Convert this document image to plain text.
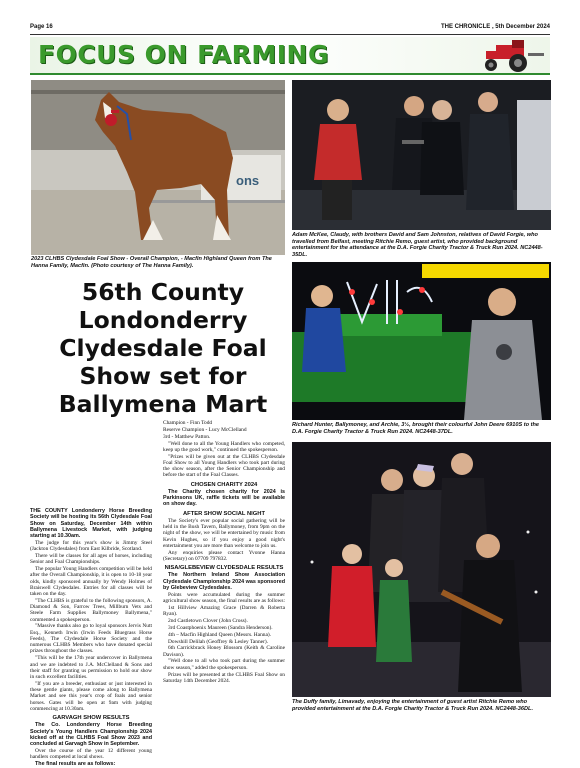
Page 16	THE CHRONICLE , 5th December 2024
FOCUS ON FARMING
ons
2023 CLHBS Clydesdale Foal Show - Overall Champion, - Macfin Highland Queen from The Hanna Family, Macfin. (Photo courtesy of The Hanna Family).
Adam McKee, Claudy, with brothers David and Sam Johnston, relatives of David Forgie, who travelled from Belfast, meeting Ritchie Remo, guest artist, who provided background entertainment for the attendance at the D.A. Forgie Charity Tractor & Truck Run 2024. NC2448-35DL.
56th County Londonderry Clydesdale Foal Show set for Ballymena Mart
Richard Hunter, Ballymoney, and Archie, 3½, brought their colourful John Deere 6910S to the D.A. Forgie Charity Tractor & Truck Run 2024. NC2448-37DL.
The Duffy family, Limavady, enjoying the entertainment of guest artist Ritchie Remo who provided entertainment at the D.A. Forgie Charity Tractor & Truck Run 2024. NC2448-36DL.

THE COUNTY Londonderry Horse Breeding Society will be hosting its 56th Clydesdale Foal Show on Saturday, December 14th within Ballymena Livestock Market, with judging starting at 10.30am.

The judge for this year's show is Jimmy Steel (Jackton Clydesdales) from East Kilbride, Scotland.

There will be classes for all ages of horses, including Senior and Foal Championships.

The popular Young Handlers competition will be held after the Overall Championship, it is open to 10-18 year olds, kindly sponsored annually by Wendy Holmes of Braiswell Clydesdales. Entries for all classes will be taken on the day.

"The CLHBS is grateful to the following sponsors, A. Diamond & Son, Farrow Trees, Millburn Vets and Steele Farm Supplies Ballymoney Ballymena," commented a spokesperson.

"Massive thanks also go to loyal sponsors Jervis Nutt Esq., Kenneth Irwin (Irwin Feeds Bluegrass Horse Feeds), The Clydesdale Horse Society and the numerous CLHBS Members who have donated special prizes throughout the classes.

"This will be the 17th year undercover in Ballymena and we are indebted to J.A. McClelland & Sons and their staff for granting us permission to hold our show in such excellent facilities.

"If you are a breeder, enthusiast or just interested in these gentle giants, please come along to Ballymena Market and see this year's crop of foals and senior horses. Gates will be open at 9am with judging commencing at 10.30am.

GARVAGH SHOW RESULTS

The Co. Londonderry Horse Breeding Society's Young Handlers Championship 2024 kicked off at the CLHBS Foal Show 2023 and concluded at Garvagh Show in September.

Over the course of the year 12 different young handlers competed at local shows.

The final results are as follows:

Champion - Finn Todd

Reserve Champion - Lucy McClelland

3rd - Matthew Patton.

"Well done to all the Young Handlers who competed, keep up the good work," continued the spokesperson.

"Prizes will be given out at the CLHBS Clydesdale Foal Show to all Young Handlers who took part during the show season, after the Senior Championship and before the start of the Foal Classes.

CHOSEN CHARITY 2024

The Charity chosen charity for 2024 is Parkinsons UK, raffle tickets will be available on show day.

AFTER SHOW SOCIAL NIGHT

The Society's ever popular social gathering will be held in the Bush Tavern, Ballymoney, from 9pm on the night of the show, we will be entertained by music from Kevin Hughes, so if you enjoy a good night's entertainment you are more than welcome to join us.

Any enquiries please contact Yvonne Hanna (Secretary) on 07709 797832.

NISA/GLEBEVIEW CLYDESDALE RESULTS

The Northern Ireland Show Association Clydesdale Championship 2024 was sponsored by Glebeview Clydesdales.

Points were accumulated during the summer agricultural show season, the final results are as follows:

1st Hillview Amazing Grace (Darren & Roberta Ryan).

2nd Castletown Clover (John Cross).

3rd Coastphoenix Maureen (Sandra Henderson).

4th – Macfin Highland Queen (Messrs. Hanna).

Dowshill Delilah (Geoffrey & Lesley Tanner).

6th Carrickbrack Honey Blossom (Keith & Caroline Davison).

"Well done to all who took part during the summer show season," added the spokesperson.

Prizes will be presented at the CLHBS Foal Show on Saturday 14th December 2024.
